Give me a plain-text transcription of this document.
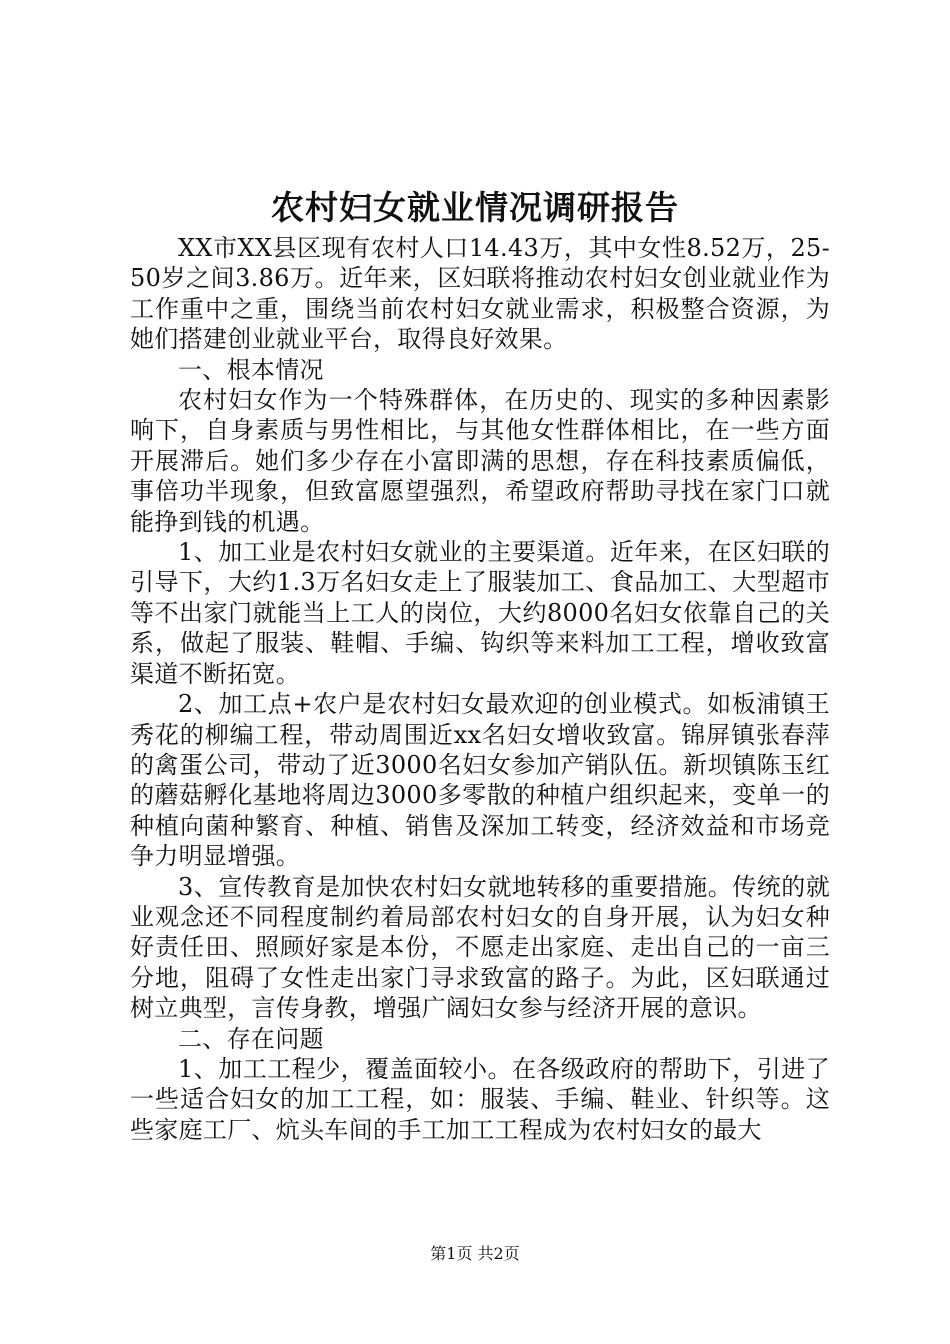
农村妇女就业情况调研报告

XX市XX县区现有农村人口14.43万，其中女性8.52万，25-50岁之间3.86万。近年来，区妇联将推动农村妇女创业就业作为工作重中之重，围绕当前农村妇女就业需求，积极整合资源，为她们搭建创业就业平台，取得良好效果。

一、根本情况

农村妇女作为一个特殊群体，在历史的、现实的多种因素影响下，自身素质与男性相比，与其他女性群体相比，在一些方面开展滞后。她们多少存在小富即满的思想，存在科技素质偏低，事倍功半现象，但致富愿望强烈，希望政府帮助寻找在家门口就能挣到钱的机遇。

1、加工业是农村妇女就业的主要渠道。近年来，在区妇联的引导下，大约1.3万名妇女走上了服装加工、食品加工、大型超市等不出家门就能当上工人的岗位，大约8000名妇女依靠自己的关系，做起了服装、鞋帽、手编、钩织等来料加工工程，增收致富渠道不断拓宽。

2、加工点+农户是农村妇女最欢迎的创业模式。如板浦镇王秀花的柳编工程，带动周围近xx名妇女增收致富。锦屏镇张春萍的禽蛋公司，带动了近3000名妇女参加产销队伍。新坝镇陈玉红的蘑菇孵化基地将周边3000多零散的种植户组织起来，变单一的种植向菌种繁育、种植、销售及深加工转变，经济效益和市场竞争力明显增强。

3、宣传教育是加快农村妇女就地转移的重要措施。传统的就业观念还不同程度制约着局部农村妇女的自身开展，认为妇女种好责任田、照顾好家是本份，不愿走出家庭、走出自己的一亩三分地，阻碍了女性走出家门寻求致富的路子。为此，区妇联通过树立典型，言传身教，增强广阔妇女参与经济开展的意识。

二、存在问题

1、加工工程少，覆盖面较小。在各级政府的帮助下，引进了一些适合妇女的加工工程，如：服装、手编、鞋业、针织等。这些家庭工厂、炕头车间的手工加工工程成为农村妇女的最大

第1页 共2页
